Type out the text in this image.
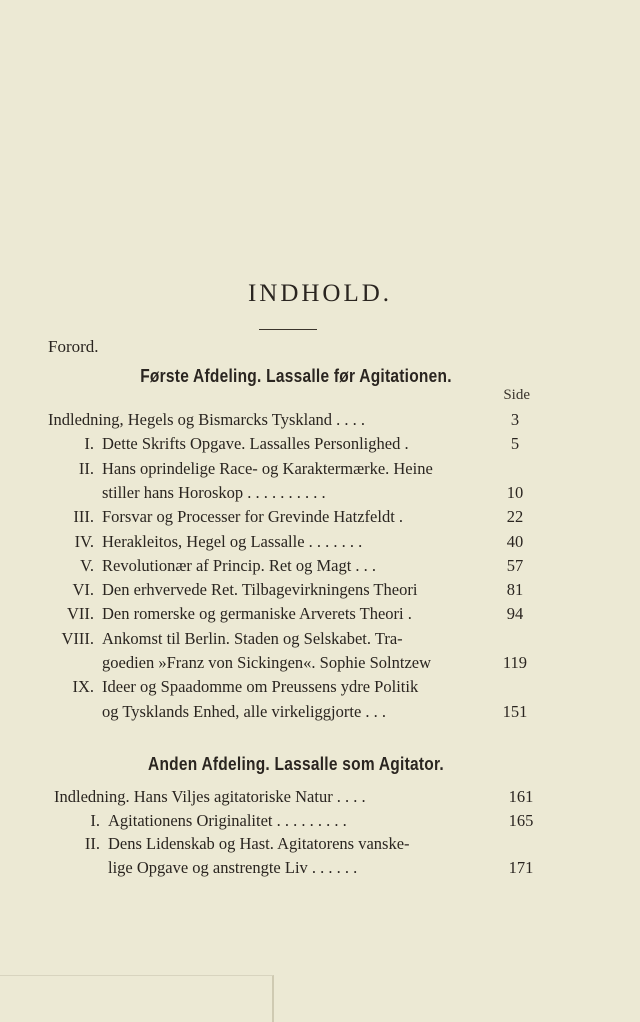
INDHOLD.
Forord.
Første Afdeling. Lassalle før Agitationen.
Side
Indledning, Hegels og Bismarcks Tyskland . . . .	3
I. Dette Skrifts Opgave. Lassalles Personlighed .	5
II. Hans oprindelige Race- og Karaktermærke. Heine
stiller hans Horoskop . . . . . . . . . .	10
III. Forsvar og Processer for Grevinde Hatzfeldt .	22
IV. Herakleitos, Hegel og Lassalle . . . . . . .	40
V. Revolutionær af Princip. Ret og Magt . . .	57
VI. Den erhvervede Ret. Tilbagevirkningens Theori	81
VII. Den romerske og germaniske Arverets Theori .	94
VIII. Ankomst til Berlin. Staden og Selskabet. Tra-
goedien »Franz von Sickingen«. Sophie Solntzew	119
IX. Ideer og Spaadomme om Preussens ydre Politik
og Tysklands Enhed, alle virkeliggjorte . . .	151
Anden Afdeling. Lassalle som Agitator.
Indledning. Hans Viljes agitatoriske Natur . . . .	161
I. Agitationens Originalitet . . . . . . . . .	165
II. Dens Lidenskab og Hast. Agitatorens vanske-
lige Opgave og anstrengte Liv . . . . . .	171
